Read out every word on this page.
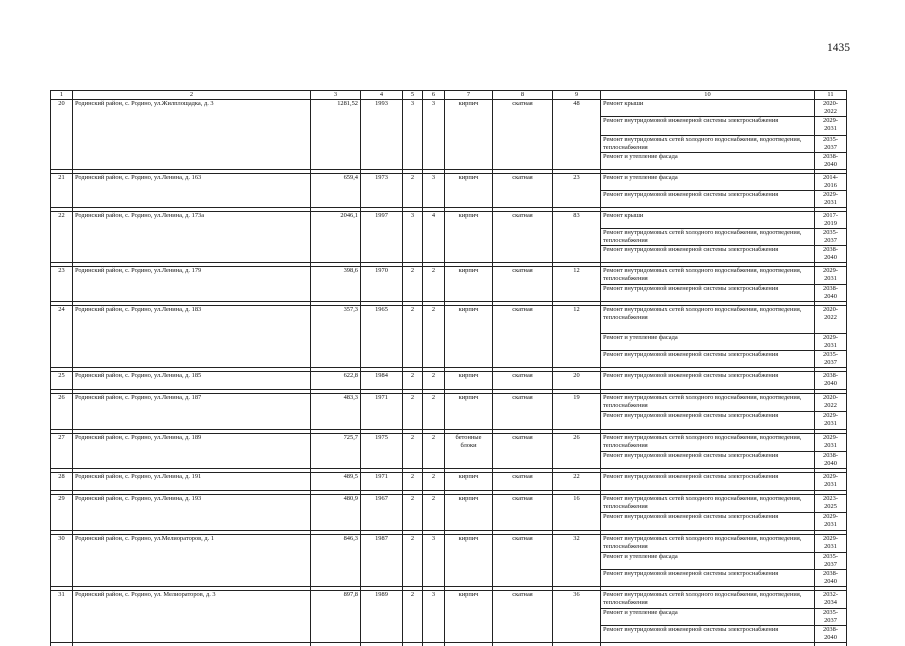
1435
1	2	3	4	5	6	7	8	9	10	11
20	Родинский район, с. Родино, ул.Жилплощадка, д. 3	1281,52	1993	3	3	кирпич	скатная	48	Ремонт крыши	2020-2022
									Ремонт внутридомовой инженерной системы электроснабжения	2029-2031
									Ремонт внутридомовых сетей холодного водоснабжения, водоотведения, теплоснабжения	2035-2037
									Ремонт и утепление фасада	2038-2040

21	Родинский район, с. Родино, ул.Ленина, д. 163	659,4	1973	2	3	кирпич	скатная	23	Ремонт и утепление фасада	2014-2016
									Ремонт внутридомовой инженерной системы электроснабжения	2029-2031

22	Родинский район, с. Родино, ул.Ленина, д. 173а	2046,1	1997	3	4	кирпич	скатная	83	Ремонт крыши	2017-2019
									Ремонт внутридомовых сетей холодного водоснабжения, водоотведения, теплоснабжения	2035-2037
									Ремонт внутридомовой инженерной системы электроснабжения	2038-2040

23	Родинский район, с. Родино, ул.Ленина, д. 179	398,6	1970	2	2	кирпич	скатная	12	Ремонт внутридомовых сетей холодного водоснабжения, водоотведения, теплоснабжения	2029-2031
									Ремонт внутридомовой инженерной системы электроснабжения	2038-2040

24	Родинский район, с. Родино, ул.Ленина, д. 183	357,3	1965	2	2	кирпич	скатная	12	Ремонт внутридомовых сетей холодного водоснабжения, водоотведения, теплоснабжения	2020-2022
									Ремонт и утепление фасада	2029-2031
									Ремонт внутридомовой инженерной системы электроснабжения	2035-2037

25	Родинский район, с. Родино, ул.Ленина, д. 185	622,8	1984	2	2	кирпич	скатная	20	Ремонт внутридомовой инженерной системы электроснабжения	2038-2040

26	Родинский район, с. Родино, ул.Ленина, д. 187	483,3	1971	2	2	кирпич	скатная	19	Ремонт внутридомовых сетей холодного водоснабжения, водоотведения, теплоснабжения	2020-2022
									Ремонт внутридомовой инженерной системы электроснабжения	2029-2031

27	Родинский район, с. Родино, ул.Ленина, д. 189	725,7	1975	2	2	бетонные блоки	скатная	26	Ремонт внутридомовых сетей холодного водоснабжения, водоотведения, теплоснабжения	2029-2031
									Ремонт внутридомовой инженерной системы электроснабжения	2038-2040

28	Родинский район, с. Родино, ул.Ленина, д. 191	489,5	1971	2	2	кирпич	скатная	22	Ремонт внутридомовой инженерной системы электроснабжения	2029-2031

29	Родинский район, с. Родино, ул.Ленина, д. 193	480,9	1967	2	2	кирпич	скатная	16	Ремонт внутридомовых сетей холодного водоснабжения, водоотведения, теплоснабжения	2023-2025
									Ремонт внутридомовой инженерной системы электроснабжения	2029-2031

30	Родинский район, с. Родино, ул.Мелиораторов, д. 1	846,3	1987	2	3	кирпич	скатная	32	Ремонт внутридомовых сетей холодного водоснабжения, водоотведения, теплоснабжения	2029-2031
									Ремонт и утепление фасада	2035-2037
									Ремонт внутридомовой инженерной системы электроснабжения	2038-2040

31	Родинский район, с. Родино, ул. Мелиораторов, д. 3	897,8	1989	2	3	кирпич	скатная	36	Ремонт внутридомовых сетей холодного водоснабжения, водоотведения, теплоснабжения	2032-2034
									Ремонт и утепление фасада	2035-2037
									Ремонт внутридомовой инженерной системы электроснабжения	2038-2040
